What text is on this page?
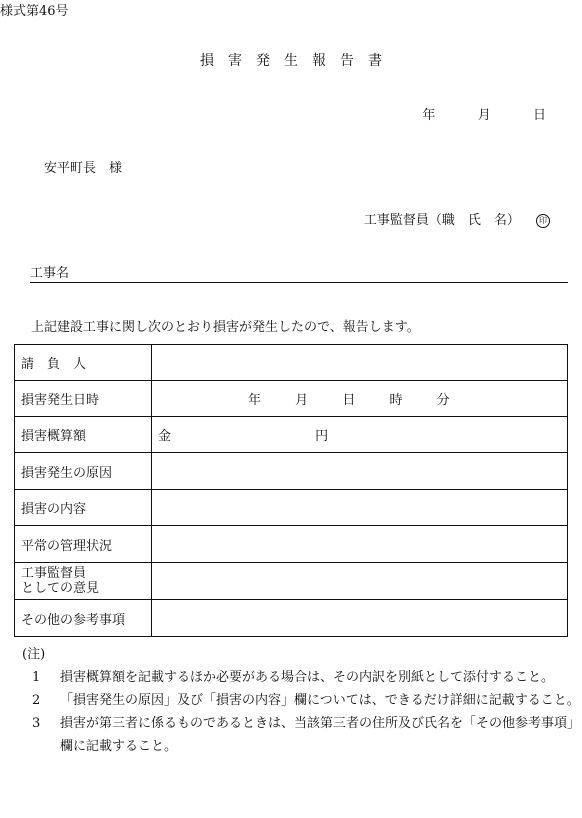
様式第46号
損　害　発　生　報　告　書
年	月	日
安平町長　様
工事監督員（職　氏　名） 印
工事名
上記建設工事に関し次のとおり損害が発生したので、報告します。
請　負　人	

損害発生日時	年 月 日 時 分
損害概算額	金 円
損害発生の原因	
損害の内容	
平常の管理状況	

工事監督員
としての意見	

その他の参考事項	
(注)
1	損害概算額を記載するほか必要がある場合は、その内訳を別紙として添付すること。
2	「損害発生の原因」及び「損害の内容」欄については、できるだけ詳細に記載すること。
3	損害が第三者に係るものであるときは、当該第三者の住所及び氏名を「その他参考事項」欄に記載すること。
